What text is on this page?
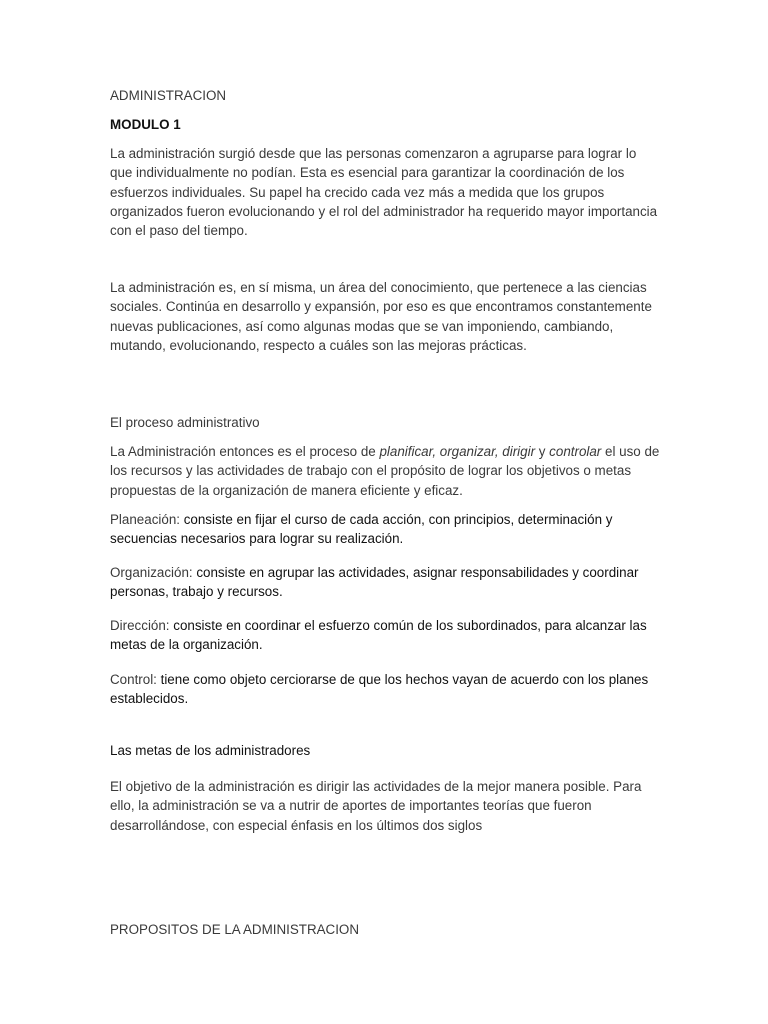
ADMINISTRACION

MODULO 1

La administración surgió desde que las personas comenzaron a agruparse para lograr lo que individualmente no podían. Esta es esencial para garantizar la coordinación de los esfuerzos individuales. Su papel ha crecido cada vez más a medida que los grupos organizados fueron evolucionando y el rol del administrador ha requerido mayor importancia con el paso del tiempo.

La administración es, en sí misma, un área del conocimiento, que pertenece a las ciencias sociales. Continúa en desarrollo y expansión, por eso es que encontramos constantemente nuevas publicaciones, así como algunas modas que se van imponiendo, cambiando, mutando, evolucionando, respecto a cuáles son las mejoras prácticas.

El proceso administrativo

La Administración entonces es el proceso de planificar, organizar, dirigir y controlar el uso de los recursos y las actividades de trabajo con el propósito de lograr los objetivos o metas propuestas de la organización de manera eficiente y eficaz.

Planeación: consiste en fijar el curso de cada acción, con principios, determinación y secuencias necesarios para lograr su realización.

Organización: consiste en agrupar las actividades, asignar responsabilidades y coordinar personas, trabajo y recursos.

Dirección: consiste en coordinar el esfuerzo común de los subordinados, para alcanzar las metas de la organización.

Control: tiene como objeto cerciorarse de que los hechos vayan de acuerdo con los planes establecidos.

Las metas de los administradores

El objetivo de la administración es dirigir las actividades de la mejor manera posible. Para ello, la administración se va a nutrir de aportes de importantes teorías que fueron desarrollándose, con especial énfasis en los últimos dos siglos

PROPOSITOS DE LA ADMINISTRACION
